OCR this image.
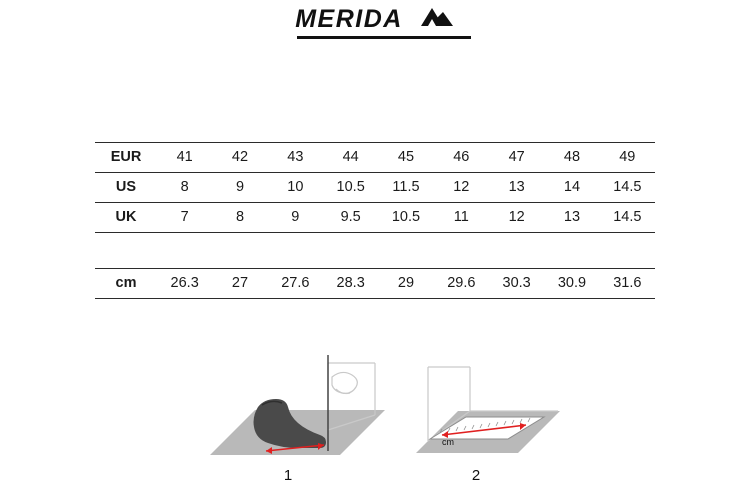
MERIDA
EUR	41	42	43	44	45	46	47	48	49
US	8	9	10	10.5	11.5	12	13	14	14.5
UK	7	8	9	9.5	10.5	11	12	13	14.5

cm	26.3	27	27.6	28.3	29	29.6	30.3	30.9	31.6
1
cm
2
